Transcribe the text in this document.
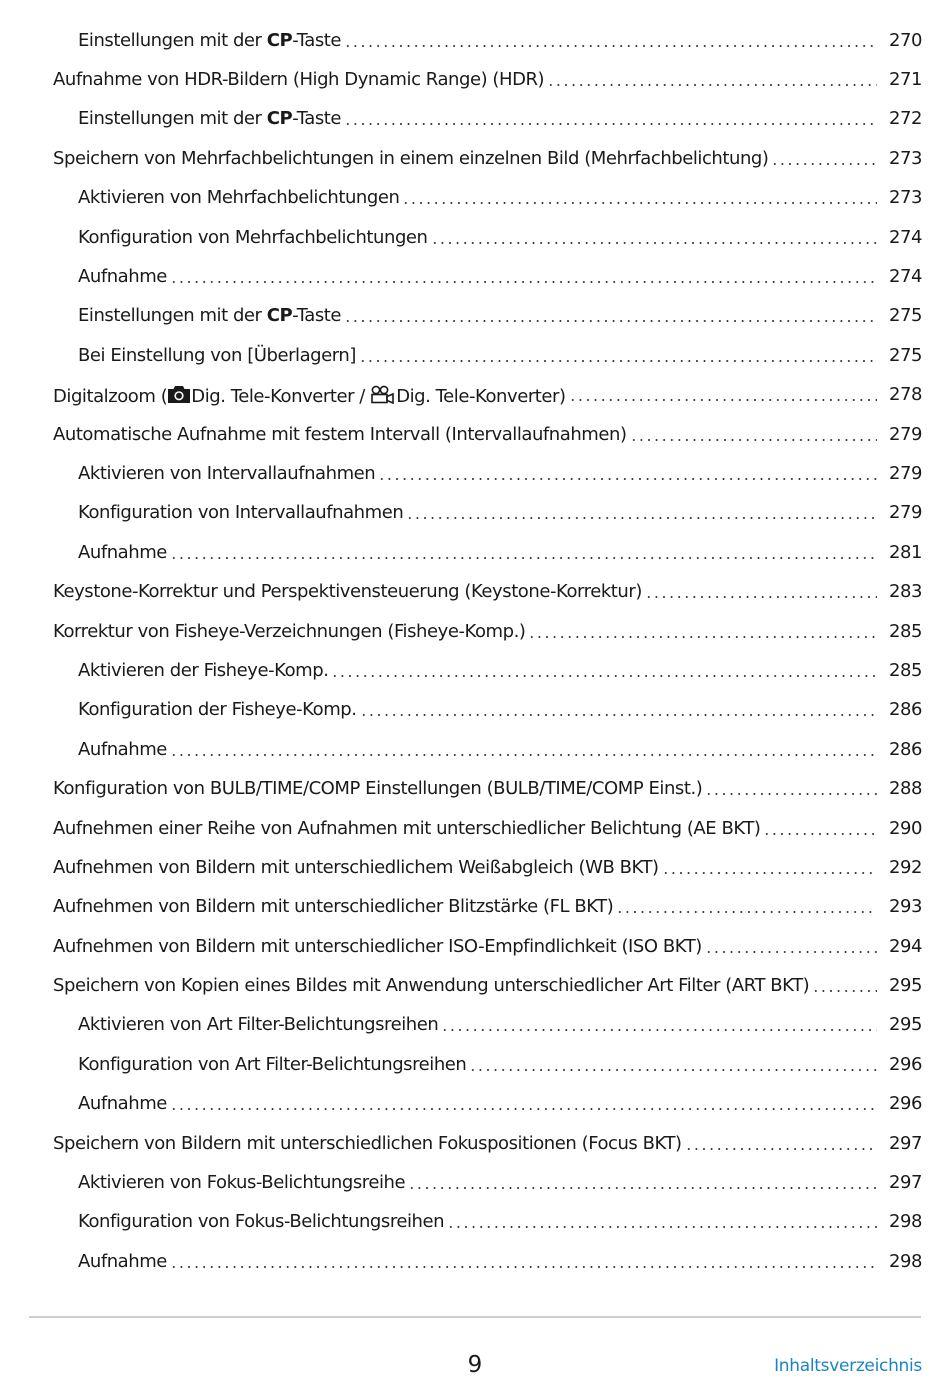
Einstellungen mit der CP-Taste	270
Aufnahme von HDR-Bildern (High Dynamic Range) (HDR)	271
Einstellungen mit der CP-Taste	272
Speichern von Mehrfachbelichtungen in einem einzelnen Bild (Mehrfachbelichtung)	273
Aktivieren von Mehrfachbelichtungen	273
Konfiguration von Mehrfachbelichtungen	274
Aufnahme	274
Einstellungen mit der CP-Taste	275
Bei Einstellung von [Überlagern]	275
Digitalzoom ( Dig. Tele-Konverter / Dig. Tele-Konverter)	278
Automatische Aufnahme mit festem Intervall (Intervallaufnahmen)	279
Aktivieren von Intervallaufnahmen	279
Konfiguration von Intervallaufnahmen	279
Aufnahme	281
Keystone-Korrektur und Perspektivensteuerung (Keystone-Korrektur)	283
Korrektur von Fisheye-Verzeichnungen (Fisheye-Komp.)	285
Aktivieren der Fisheye-Komp.	285
Konfiguration der Fisheye-Komp.	286
Aufnahme	286
Konfiguration von BULB/TIME/COMP Einstellungen (BULB/TIME/COMP Einst.)	288
Aufnehmen einer Reihe von Aufnahmen mit unterschiedlicher Belichtung (AE BKT)	290
Aufnehmen von Bildern mit unterschiedlichem Weißabgleich (WB BKT)	292
Aufnehmen von Bildern mit unterschiedlicher Blitzstärke (FL BKT)	293
Aufnehmen von Bildern mit unterschiedlicher ISO-Empfindlichkeit (ISO BKT)	294
Speichern von Kopien eines Bildes mit Anwendung unterschiedlicher Art Filter (ART BKT)	295
Aktivieren von Art Filter-Belichtungsreihen	295
Konfiguration von Art Filter-Belichtungsreihen	296
Aufnahme	296
Speichern von Bildern mit unterschiedlichen Fokuspositionen (Focus BKT)	297
Aktivieren von Fokus-Belichtungsreihe	297
Konfiguration von Fokus-Belichtungsreihen	298
Aufnahme	298
9	Inhaltsverzeichnis
